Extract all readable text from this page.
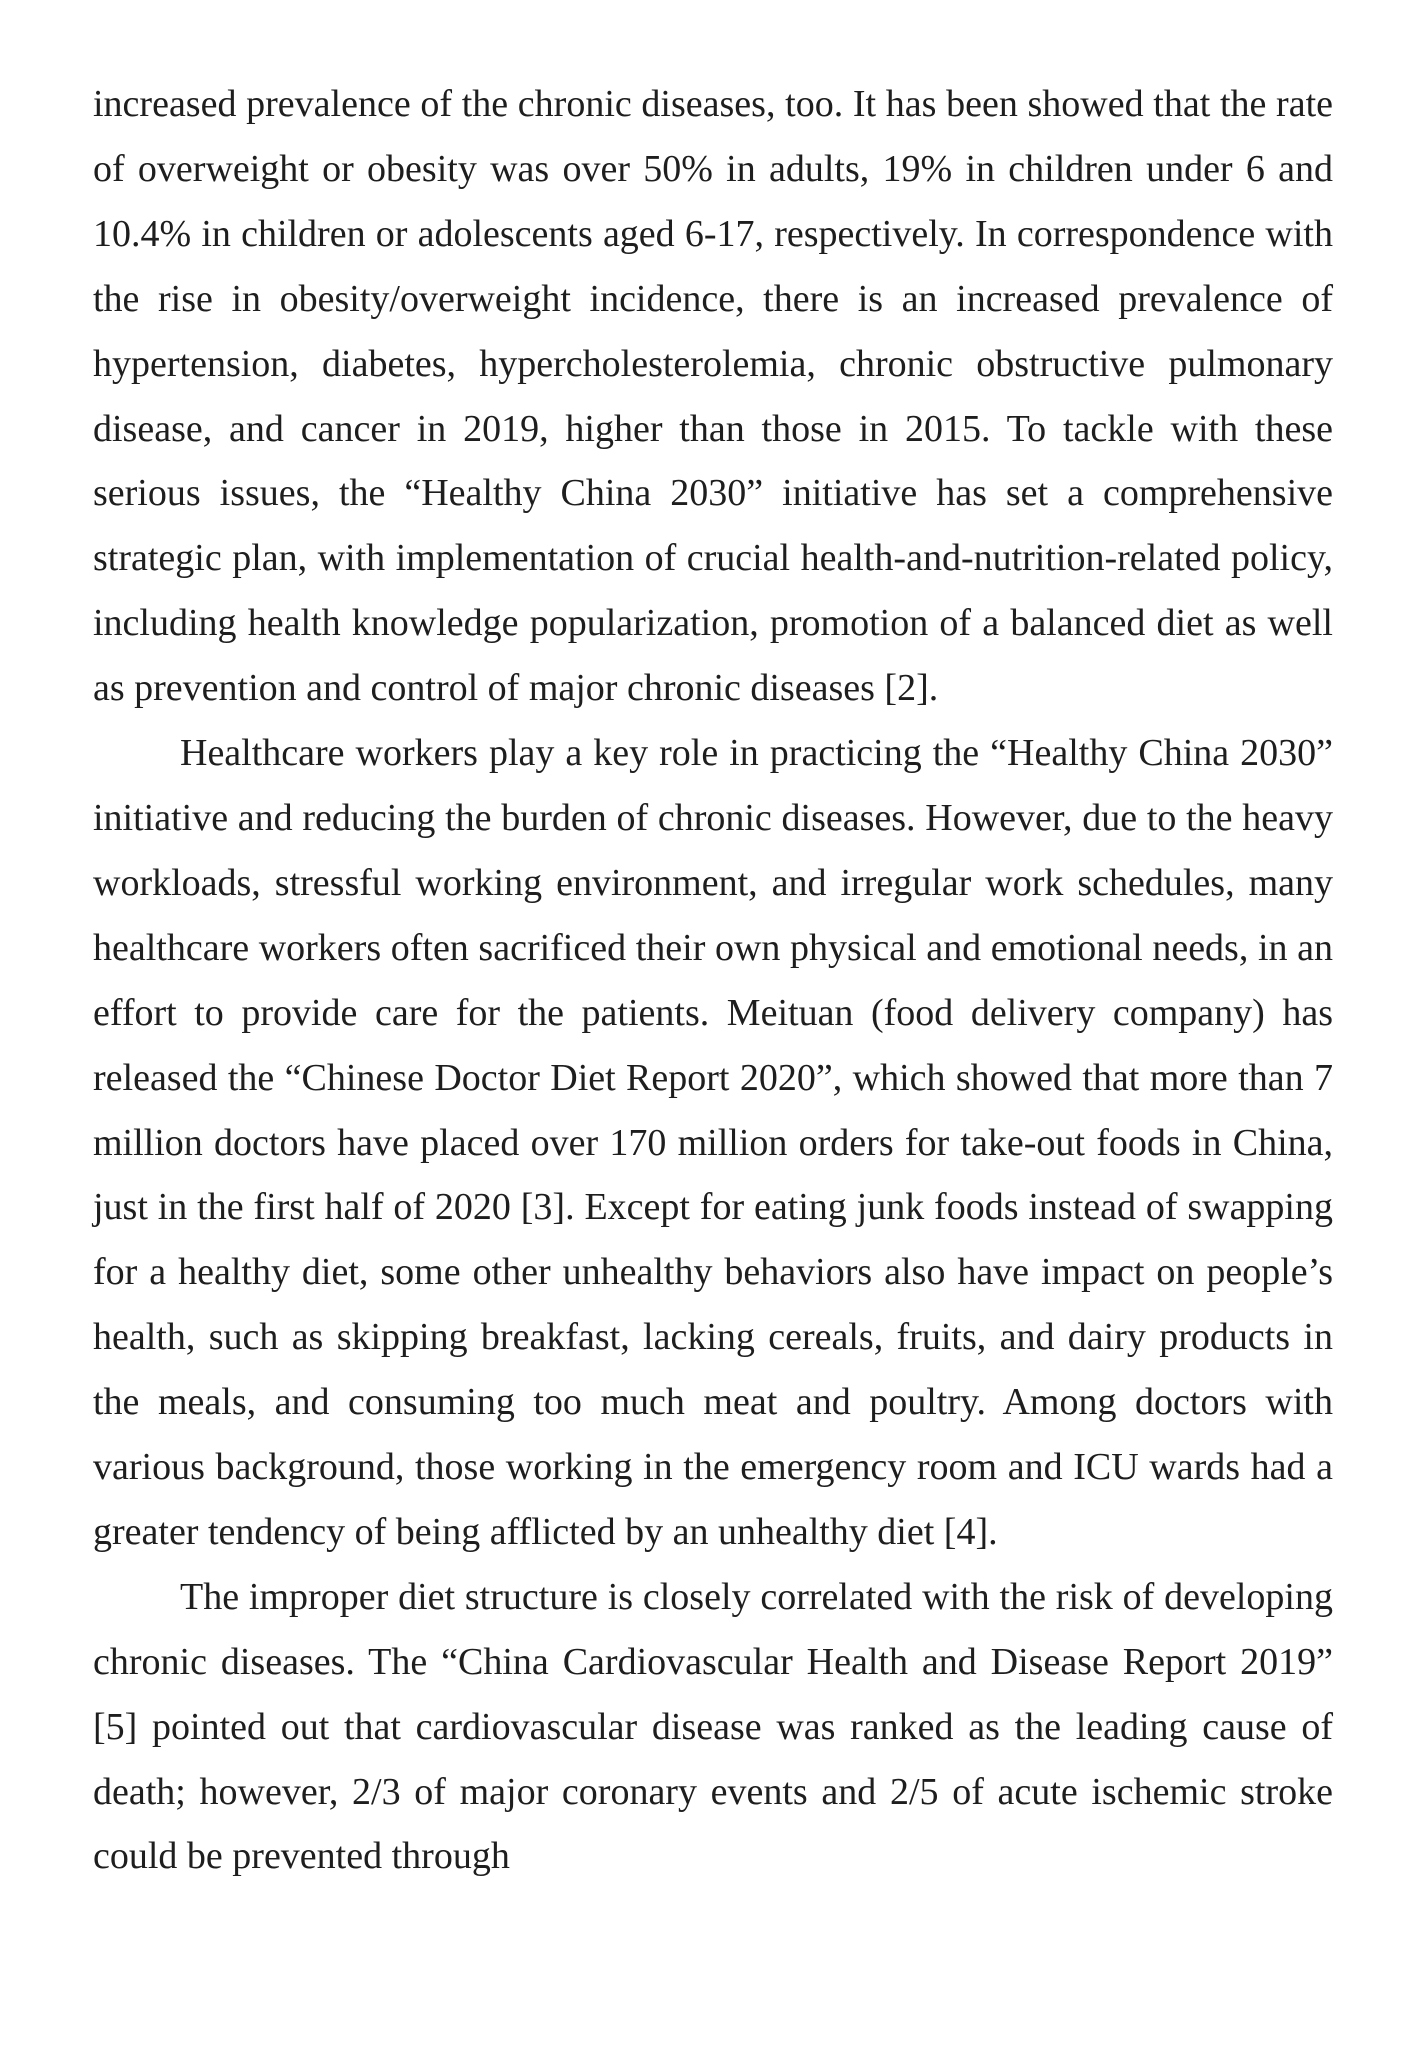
increased prevalence of the chronic diseases, too. It has been showed that the rate of overweight or obesity was over 50% in adults, 19% in children under 6 and 10.4% in children or adolescents aged 6-17, respectively. In correspondence with the rise in obesity/overweight incidence, there is an increased prevalence of hypertension, diabetes, hypercholesterolemia, chronic obstructive pulmonary disease, and cancer in 2019, higher than those in 2015. To tackle with these serious issues, the “Healthy China 2030” initiative has set a comprehensive strategic plan, with implementation of crucial health-and-nutrition-related policy, including health knowledge popularization, promotion of a balanced diet as well as prevention and control of major chronic diseases [2].

Healthcare workers play a key role in practicing the “Healthy China 2030” initiative and reducing the burden of chronic diseases. However, due to the heavy workloads, stressful working environment, and irregular work schedules, many healthcare workers often sacrificed their own physical and emotional needs, in an effort to provide care for the patients. Meituan (food delivery company) has released the “Chinese Doctor Diet Report 2020”, which showed that more than 7 million doctors have placed over 170 million orders for take-out foods in China, just in the first half of 2020 [3]. Except for eating junk foods instead of swapping for a healthy diet, some other unhealthy behaviors also have impact on people’s health, such as skipping breakfast, lacking cereals, fruits, and dairy products in the meals, and consuming too much meat and poultry. Among doctors with various background, those working in the emergency room and ICU wards had a greater tendency of being afflicted by an unhealthy diet [4].

The improper diet structure is closely correlated with the risk of developing chronic diseases. The “China Cardiovascular Health and Disease Report 2019” [5] pointed out that cardiovascular disease was ranked as the leading cause of death; however, 2/3 of major coronary events and 2/5 of acute ischemic stroke could be prevented through
